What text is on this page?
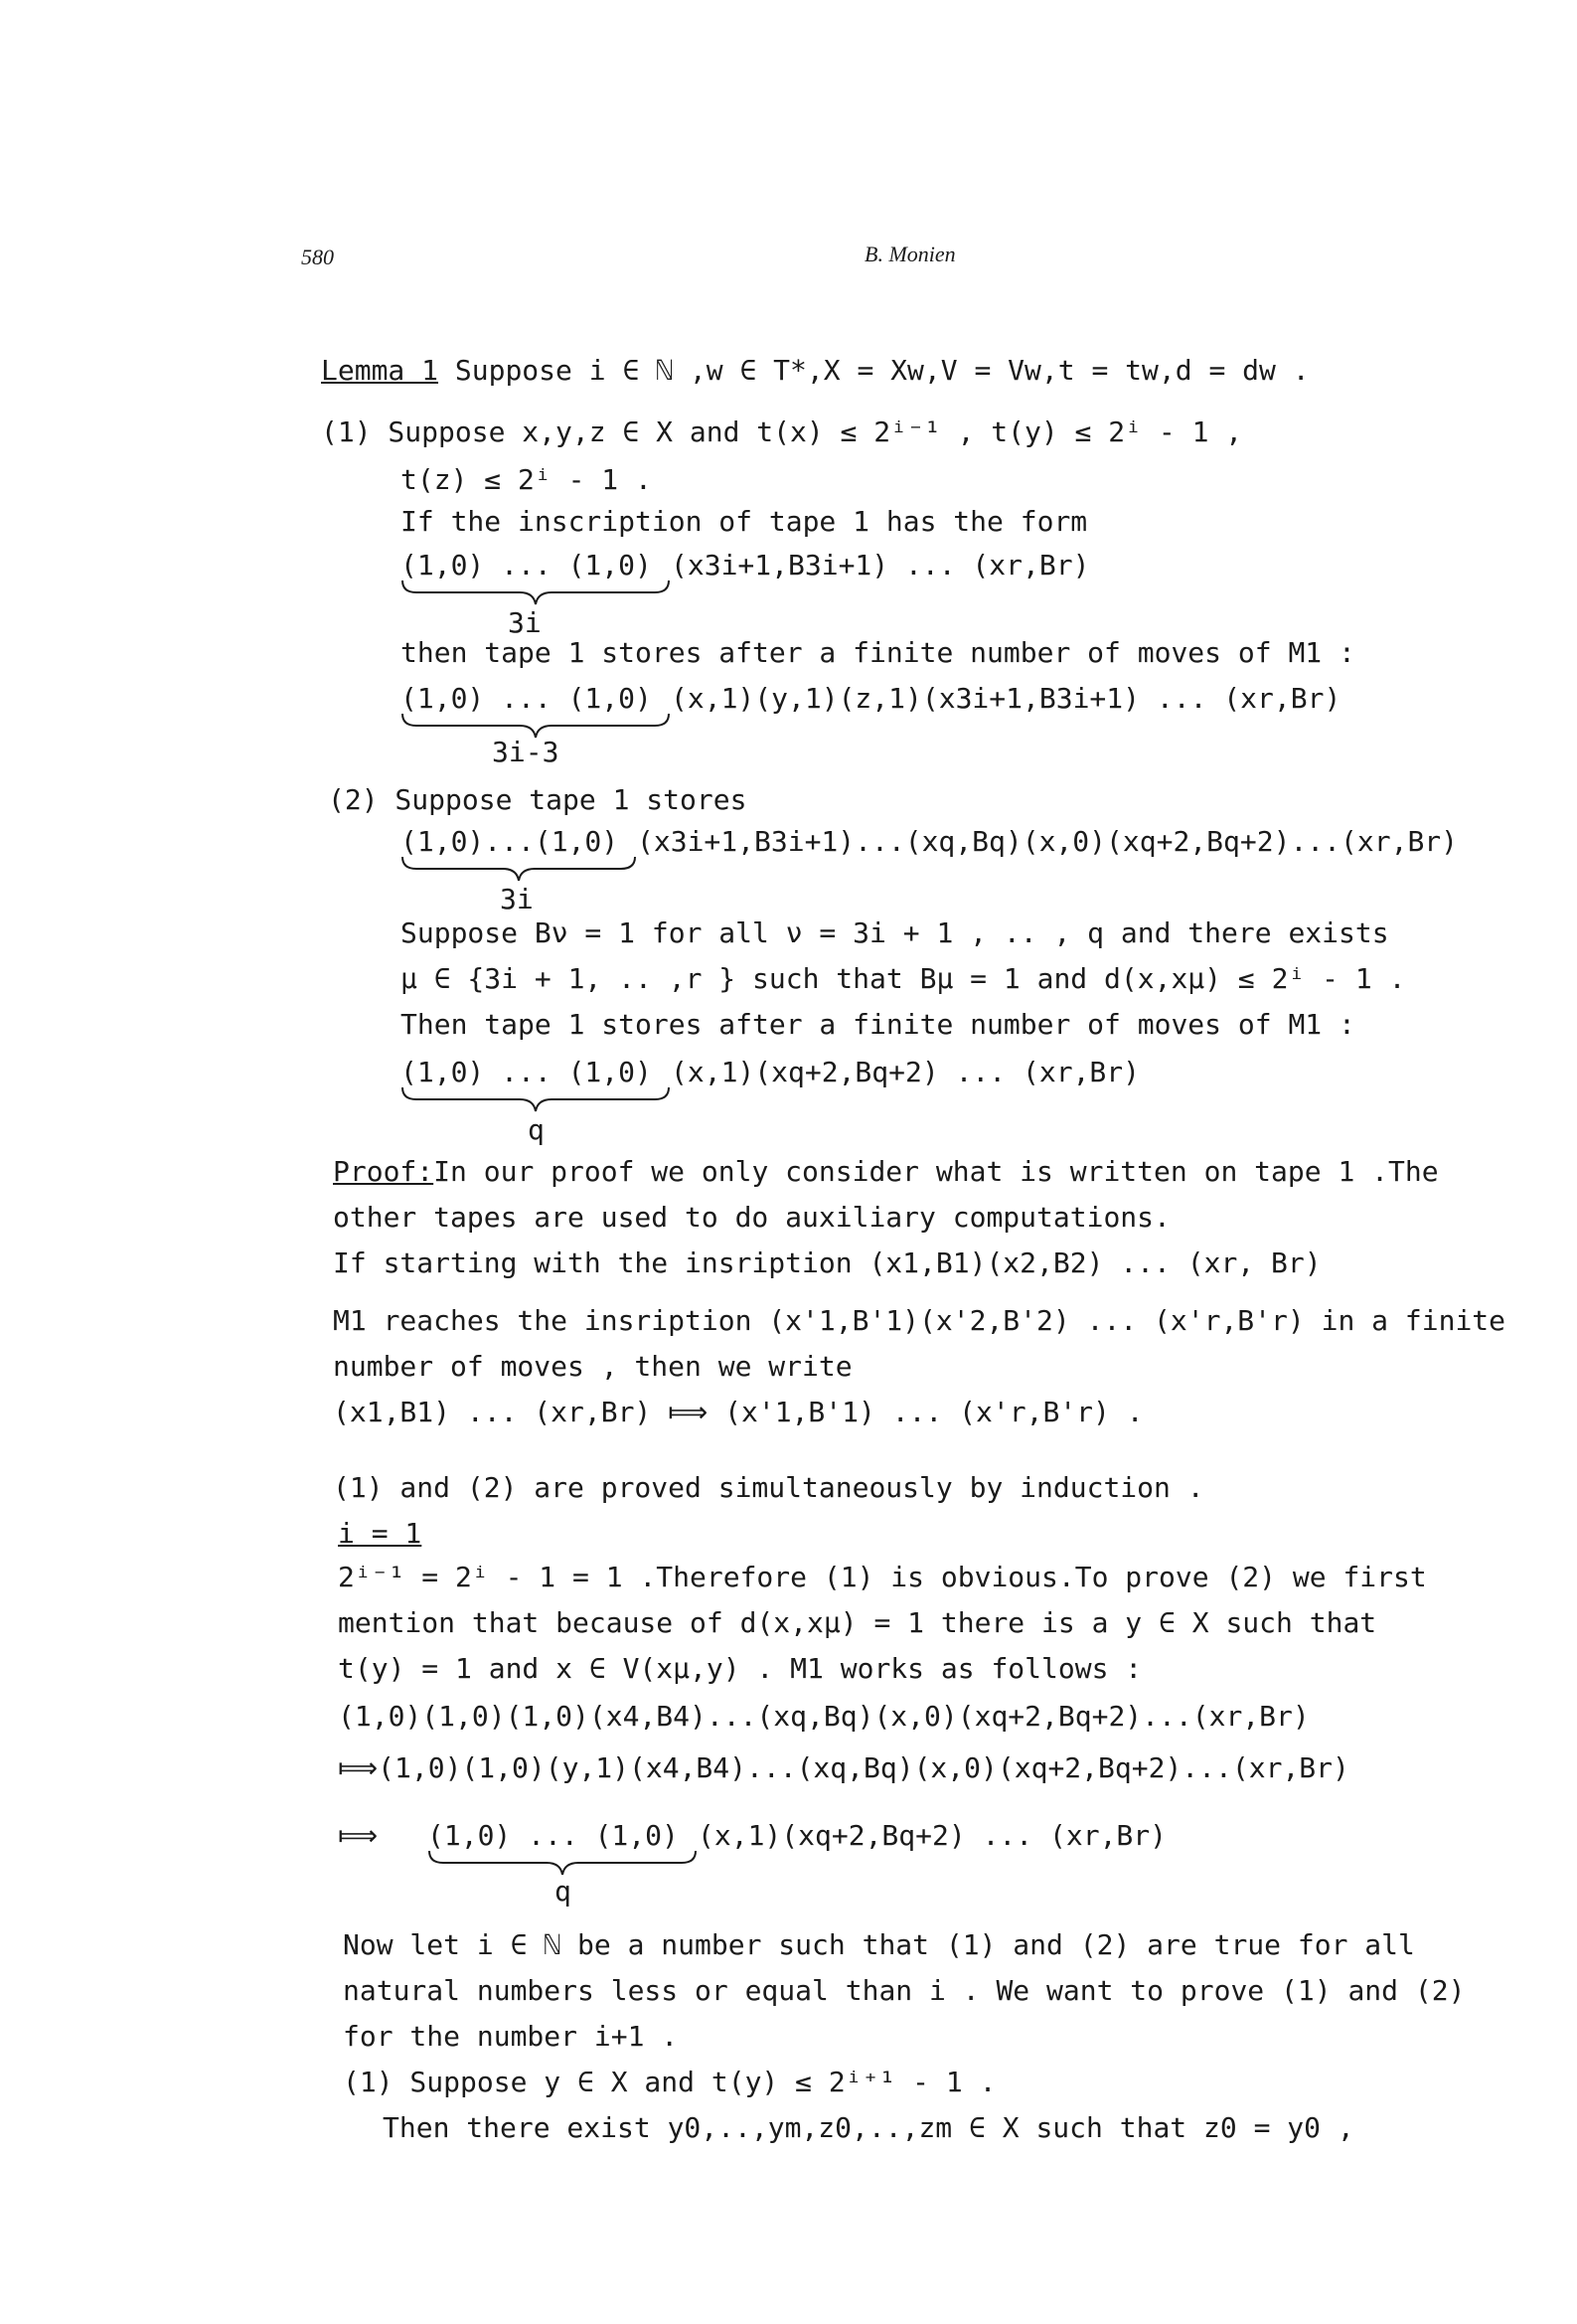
580	B. Monien
Lemma 1 Suppose i ∈ ℕ ,w ∈ T*,X = Xw,V = Vw,t = tw,d = dw .
(1) Suppose x,y,z ∈ X and t(x) ≤ 2ⁱ⁻¹ , t(y) ≤ 2ⁱ - 1 ,
t(z) ≤ 2ⁱ - 1 .
If the inscription of tape 1 has the form
(1,0) ... (1,0) (x3i+1,B3i+1) ... (xr,Br)
3i
then tape 1 stores after a finite number of moves of M1 :
(1,0) ... (1,0) (x,1)(y,1)(z,1)(x3i+1,B3i+1) ... (xr,Br)
3i-3
(2) Suppose tape 1 stores
(1,0)...(1,0) (x3i+1,B3i+1)...(xq,Bq)(x,0)(xq+2,Bq+2)...(xr,Br)
3i
Suppose Bν = 1 for all ν = 3i + 1 , .. , q and there exists
μ ∈ {3i + 1, .. ,r } such that Bμ = 1 and d(x,xμ) ≤ 2ⁱ - 1 .
Then tape 1 stores after a finite number of moves of M1 :
(1,0) ... (1,0) (x,1)(xq+2,Bq+2) ... (xr,Br)
q
Proof:In our proof we only consider what is written on tape 1 .The
other tapes are used to do auxiliary computations.
If starting with the insription (x1,B1)(x2,B2) ... (xr, Br)
M1 reaches the insription (x'1,B'1)(x'2,B'2) ... (x'r,B'r) in a finite
number of moves , then we write
(x1,B1) ... (xr,Br) ⟾ (x'1,B'1) ... (x'r,B'r) .
(1) and (2) are proved simultaneously by induction .
i = 1
2ⁱ⁻¹ = 2ⁱ - 1 = 1 .Therefore (1) is obvious.To prove (2) we first
mention that because of d(x,xμ) = 1 there is a y ∈ X such that
t(y) = 1 and x ∈ V(xμ,y) . M1 works as follows :
(1,0)(1,0)(1,0)(x4,B4)...(xq,Bq)(x,0)(xq+2,Bq+2)...(xr,Br)
⟾(1,0)(1,0)(y,1)(x4,B4)...(xq,Bq)(x,0)(xq+2,Bq+2)...(xr,Br)
⟾ (1,0) ... (1,0) (x,1)(xq+2,Bq+2) ... (xr,Br)
q
Now let i ∈ ℕ be a number such that (1) and (2) are true for all
natural numbers less or equal than i . We want to prove (1) and (2)
for the number i+1 .
(1) Suppose y ∈ X and t(y) ≤ 2ⁱ⁺¹ - 1 .
Then there exist y0,..,ym,z0,..,zm ∈ X such that z0 = y0 ,
